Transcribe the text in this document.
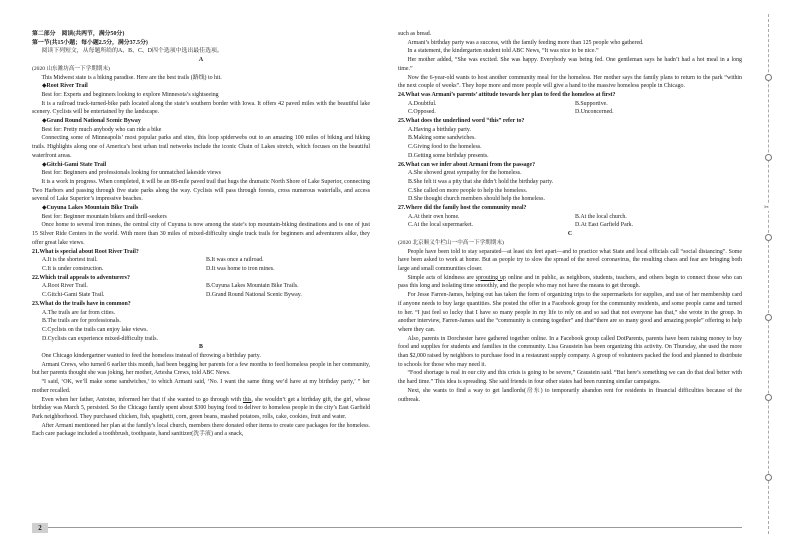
第二部分　阅读(共两节，满分50分)

第一节(共15小题；每小题2.5分，满分37.5分)

阅读下列短文，从每题所给的A、B、C、D四个选项中选出最佳选项。

A

(2020 山东潍坊高一下学期期末)

This Midwest state is a biking paradise. Here are the best trails (路线) to hit.

◆Root River Trail

Best for: Experts and beginners looking to explore Minnesota’s sightseeing

It is a railroad track-turned-bike path located along the state’s southern border with Iowa. It offers 42 paved miles with the beautiful lake scenery. Cyclists will be entertained by the landscape.

◆Grand Round National Scenic Byway

Best for: Pretty much anybody who can ride a bike

Connecting some of Minneapolis’ most popular parks and sites, this loop spiderwebs out to an amazing 100 miles of biking and hiking trails. Highlights along one of America’s best urban trail networks include the iconic Chain of Lakes stretch, which focuses on the beautiful waterfront areas.

◆Gitchi-Gami State Trail

Best for: Beginners and professionals looking for unmatched lakeside views

It is a work in progress. When completed, it will be an 88-mile paved trail that hugs the dramatic North Shore of Lake Superior, connecting Two Harbors and passing through five state parks along the way. Cyclists will pass through forests, cross numerous waterfalls, and access several of Lake Superior’s impressive beaches.

◆Cuyuna Lakes Mountain Bike Trails

Best for: Beginner mountain bikers and thrill-seekers

Once home to several iron mines, the central city of Cuyuna is now among the state’s top mountain-biking destinations and is one of just 15 Silver Ride Centers in the world. With more than 30 miles of mixed-difficulty single track trails for beginners and adventurers alike, they offer great lake views.

21.What is special about Root River Trail?

A.It is the shortest trail.	B.It was once a railroad.
C.It is under construction.	D.It was home to iron mines.

22.Which trail appeals to adventurers?

A.Root River Trail.	B.Cuyuna Lakes Mountain Bike Trails.
C.Gitchi-Gami State Trail.	D.Grand Round National Scenic Byway.

23.What do the trails have in common?

A.The trails are far from cities.

B.The trails are for professionals.

C.Cyclists on the trails can enjoy lake views.

D.Cyclists can experience mixed-difficulty trails.

B

One Chicago kindergartner wanted to feed the homeless instead of throwing a birthday party.

Armani Crews, who turned 6 earlier this month, had been begging her parents for a few months to feed homeless people in her community, but her parents thought she was joking, her mother, Artesha Crews, told ABC News.

“I said, ‘OK, we’ll make some sandwiches,’ to which Armani said, ‘No. I want the same thing we’d have at my birthday party,’ ” her mother recalled.

Even when her father, Antoine, informed her that if she wanted to go through with this, she wouldn’t get a birthday gift, the girl, whose birthday was March 5, persisted. So the Chicago family spent about $300 buying food to deliver to homeless people in the city’s East Garfield Park neighborhood. They purchased chicken, fish, spaghetti, corn, green beans, mashed potatoes, rolls, cake, cookies, fruit and water.

After Armani mentioned her plan at the family’s local church, members there donated other items to create care packages for the homeless. Each care package included a toothbrush, toothpaste, hand sanitizer(洗手液) and a snack,

such as bread.

Armani’s birthday party was a success, with the family feeding more than 125 people who gathered.

In a statement, the kindergarten student told ABC News, “It was nice to be nice.”

Her mother added, “She was excited. She was happy. Everybody was being fed. One gentleman says he hadn’t had a hot meal in a long time.”

Now the 6-year-old wants to host another community meal for the homeless. Her mother says the family plans to return to the park “within the next couple of weeks”. They hope more and more people will give a hand to the massive homeless people in Chicago.

24.What was Armani’s parents’ attitude towards her plan to feed the homeless at first?

A.Doubtful.	B.Supportive.
C.Opposed.	D.Unconcerned.

25.What does the underlined word “this” refer to?

A.Having a birthday party.

B.Making some sandwiches.

C.Giving food to the homeless.

D.Getting some birthday presents.

26.What can we infer about Armani from the passage?

A.She showed great sympathy for the homeless.

B.She felt it was a pity that she didn’t hold the birthday party.

C.She called on more people to help the homeless.

D.She thought church members should help the homeless.

27.Where did the family host the community meal?

A.At their own home.	B.At the local church.
C.At the local supermarket.	D.At East Garfield Park.

C

(2020 北京顺义牛栏山一中高一下学期期末)

People have been told to stay separated—at least six feet apart—and to practice what State and local officials call “social distancing”. Some have been asked to work at home. But as people try to slow the spread of the novel coronavirus, the resulting chaos and fear are bringing both large and small communities closer.

Simple acts of kindness are sprouting up online and in public, as neighbors, students, teachers, and others begin to connect those who can pass this long and isolating time smoothly, and the people who may not have the means to get through.

For Jesse Farren-James, helping out has taken the form of organizing trips to the supermarkets for supplies, and use of her membership card if anyone needs to buy large quantities. She posted the offer in a Facebook group for the community residents, and some people came and turned to her. “I just feel so lucky that I have so many people in my life to rely on and so sad that not everyone has that,” she wrote in the group. In another interview, Farren-James said the “community is coming together” and that“there are so many good and amazing people” offering to help where they can.

Also, parents in Dorchester have gathered together online. In a Facebook group called DotParents, parents have been raising money to buy food and supplies for students and families in the community. Lisa Graustein has been organizing this activity. On Thursday, she used the more than $2,000 raised by neighbors to purchase food in a restaurant supply company. A group of volunteers packed the food and planned to distribute to schools for those who may need it.

“Food shortage is real in our city and this crisis is going to be severe,” Graustein said. “But here’s something we can do that deal better with the hard time.” This idea is spreading. She said friends in four other states had been running similar campaigns.

Next, she wants to find a way to get landlords(房东) to temporarily abandon rent for residents in financial difficulties because of the outbreak.

2
✂
